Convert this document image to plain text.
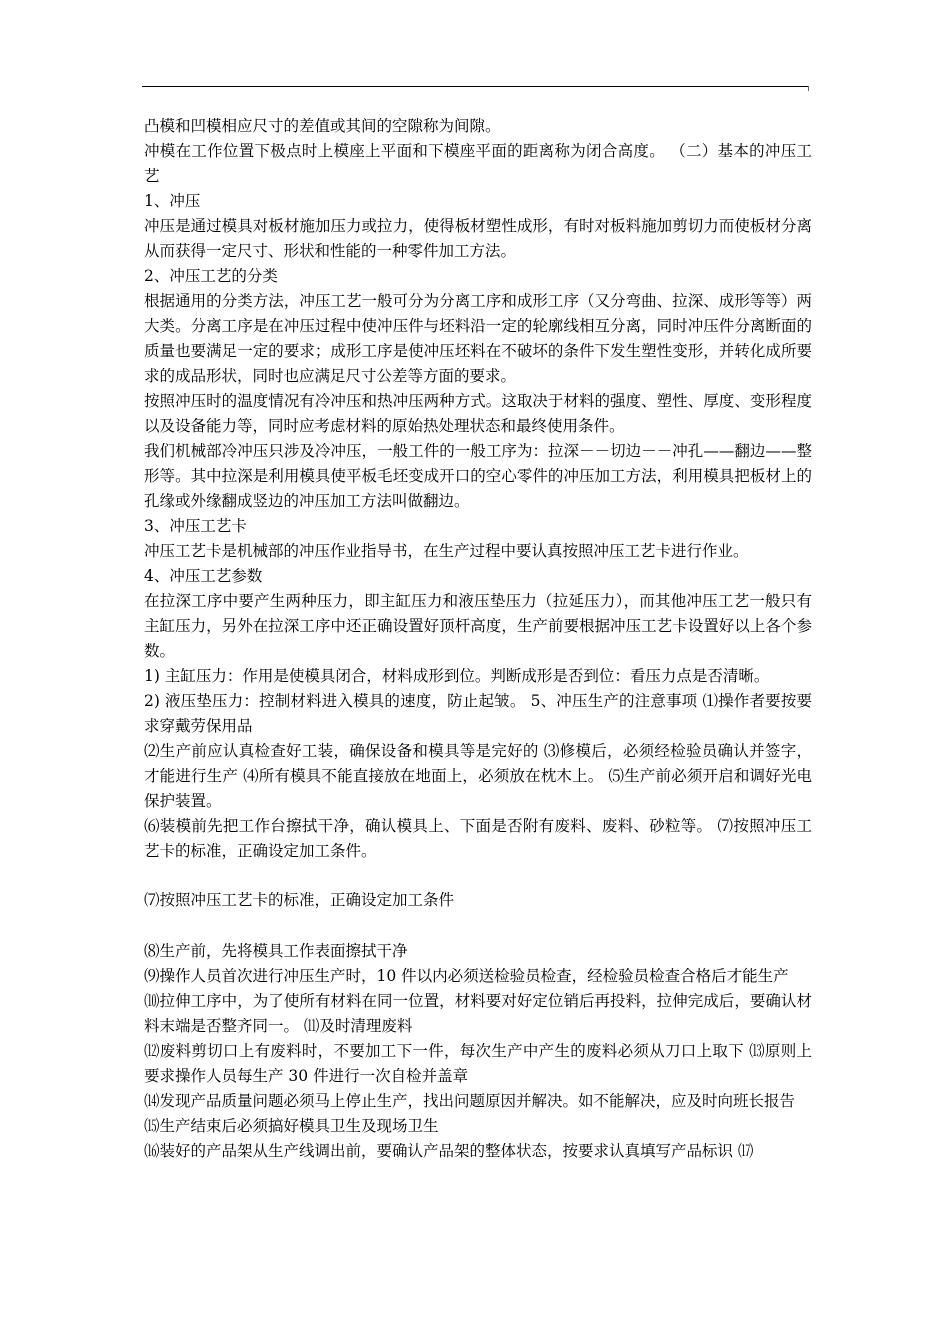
凸模和凹模相应尺寸的差值或其间的空隙称为间隙。

冲模在工作位置下极点时上模座上平面和下模座平面的距离称为闭合高度。 （二）基本的冲压工艺

1、冲压

冲压是通过模具对板材施加压力或拉力，使得板材塑性成形，有时对板料施加剪切力而使板材分离从而获得一定尺寸、形状和性能的一种零件加工方法。

2、冲压工艺的分类

根据通用的分类方法，冲压工艺一般可分为分离工序和成形工序（又分弯曲、拉深、成形等等）两大类。分离工序是在冲压过程中使冲压件与坯料沿一定的轮廓线相互分离，同时冲压件分离断面的质量也要满足一定的要求；成形工序是使冲压坯料在不破坏的条件下发生塑性变形，并转化成所要求的成品形状，同时也应满足尺寸公差等方面的要求。

按照冲压时的温度情况有冷冲压和热冲压两种方式。这取决于材料的强度、塑性、厚度、变形程度以及设备能力等，同时应考虑材料的原始热处理状态和最终使用条件。

我们机械部冷冲压只涉及冷冲压，一般工件的一般工序为：拉深－－切边－－冲孔——翻边——整形等。其中拉深是利用模具使平板毛坯变成开口的空心零件的冲压加工方法，利用模具把板材上的孔缘或外缘翻成竖边的冲压加工方法叫做翻边。

3、冲压工艺卡

冲压工艺卡是机械部的冲压作业指导书，在生产过程中要认真按照冲压工艺卡进行作业。

4、冲压工艺参数

在拉深工序中要产生两种压力，即主缸压力和液压垫压力（拉延压力），而其他冲压工艺一般只有主缸压力，另外在拉深工序中还正确设置好顶杆高度，生产前要根据冲压工艺卡设置好以上各个参数。

1) 主缸压力：作用是使模具闭合，材料成形到位。判断成形是否到位：看压力点是否清晰。

2) 液压垫压力：控制材料进入模具的速度，防止起皱。 5、冲压生产的注意事项 ⑴操作者要按要求穿戴劳保用品

⑵生产前应认真检查好工装，确保设备和模具等是完好的 ⑶修模后，必须经检验员确认并签字，才能进行生产 ⑷所有模具不能直接放在地面上，必须放在枕木上。 ⑸生产前必须开启和调好光电保护装置。

⑹装模前先把工作台擦拭干净，确认模具上、下面是否附有废料、废料、砂粒等。 ⑺按照冲压工艺卡的标准，正确设定加工条件。

⑺按照冲压工艺卡的标准，正确设定加工条件

⑻生产前，先将模具工作表面擦拭干净

⑼操作人员首次进行冲压生产时，10 件以内必须送检验员检查，经检验员检查合格后才能生产

⑽拉伸工序中，为了使所有材料在同一位置，材料要对好定位销后再投料，拉伸完成后，要确认材料末端是否整齐同一。 ⑾及时清理废料

⑿废料剪切口上有废料时，不要加工下一件，每次生产中产生的废料必须从刀口上取下 ⒀原则上要求操作人员每生产 30 件进行一次自检并盖章

⒁发现产品质量问题必须马上停止生产，找出问题原因并解决。如不能解决，应及时向班长报告

⒂生产结束后必须搞好模具卫生及现场卫生

⒃装好的产品架从生产线调出前，要确认产品架的整体状态，按要求认真填写产品标识 ⒄
